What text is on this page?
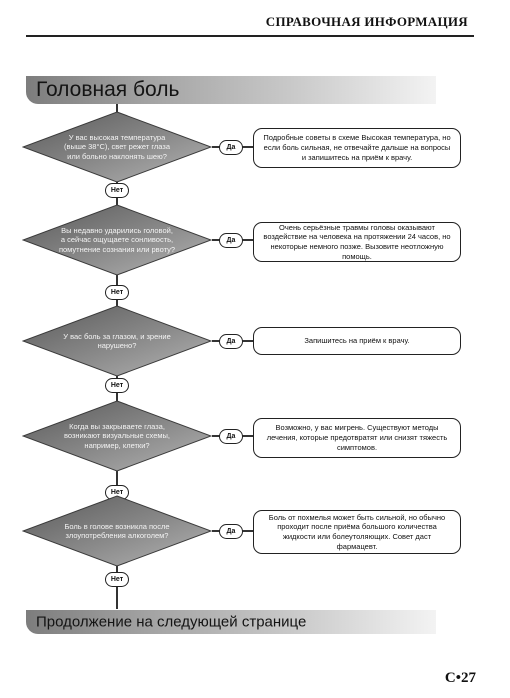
СПРАВОЧНАЯ ИНФОРМАЦИЯ
Головная боль
У вас высокая температура (выше 38°С), свет режет глаза или больно наклонять шею?
Да
Подробные советы в схеме Высокая температура, но если боль сильная, не отвечайте дальше на вопросы и запишитесь на приём к врачу.
Нет
Вы недавно ударились головой, а сейчас ощущаете сонливость, помутнение сознания или рвоту?
Да
Очень серьёзные травмы головы оказывают воздействие на человека на протяжении 24 часов, но некоторые немного позже. Вызовите неотложную помощь.
Нет
У вас боль за глазом, и зрение нарушено?	Да	Запишитесь на приём к врачу.
Нет
Когда вы закрываете глаза, возникают визуальные схемы, например, клетки?
Да
Возможно, у вас мигрень. Существуют методы лечения, которые предотвратят или снизят тяжесть симптомов.
Нет
Боль в голове возникла после злоупотребления алкоголем?	Да
Боль от похмелья может быть сильной, но обычно проходит после приёма большого количества жидкости или болеутоляющих. Совет даст фармацевт.
Нет
Продолжение на следующей странице
С•27
